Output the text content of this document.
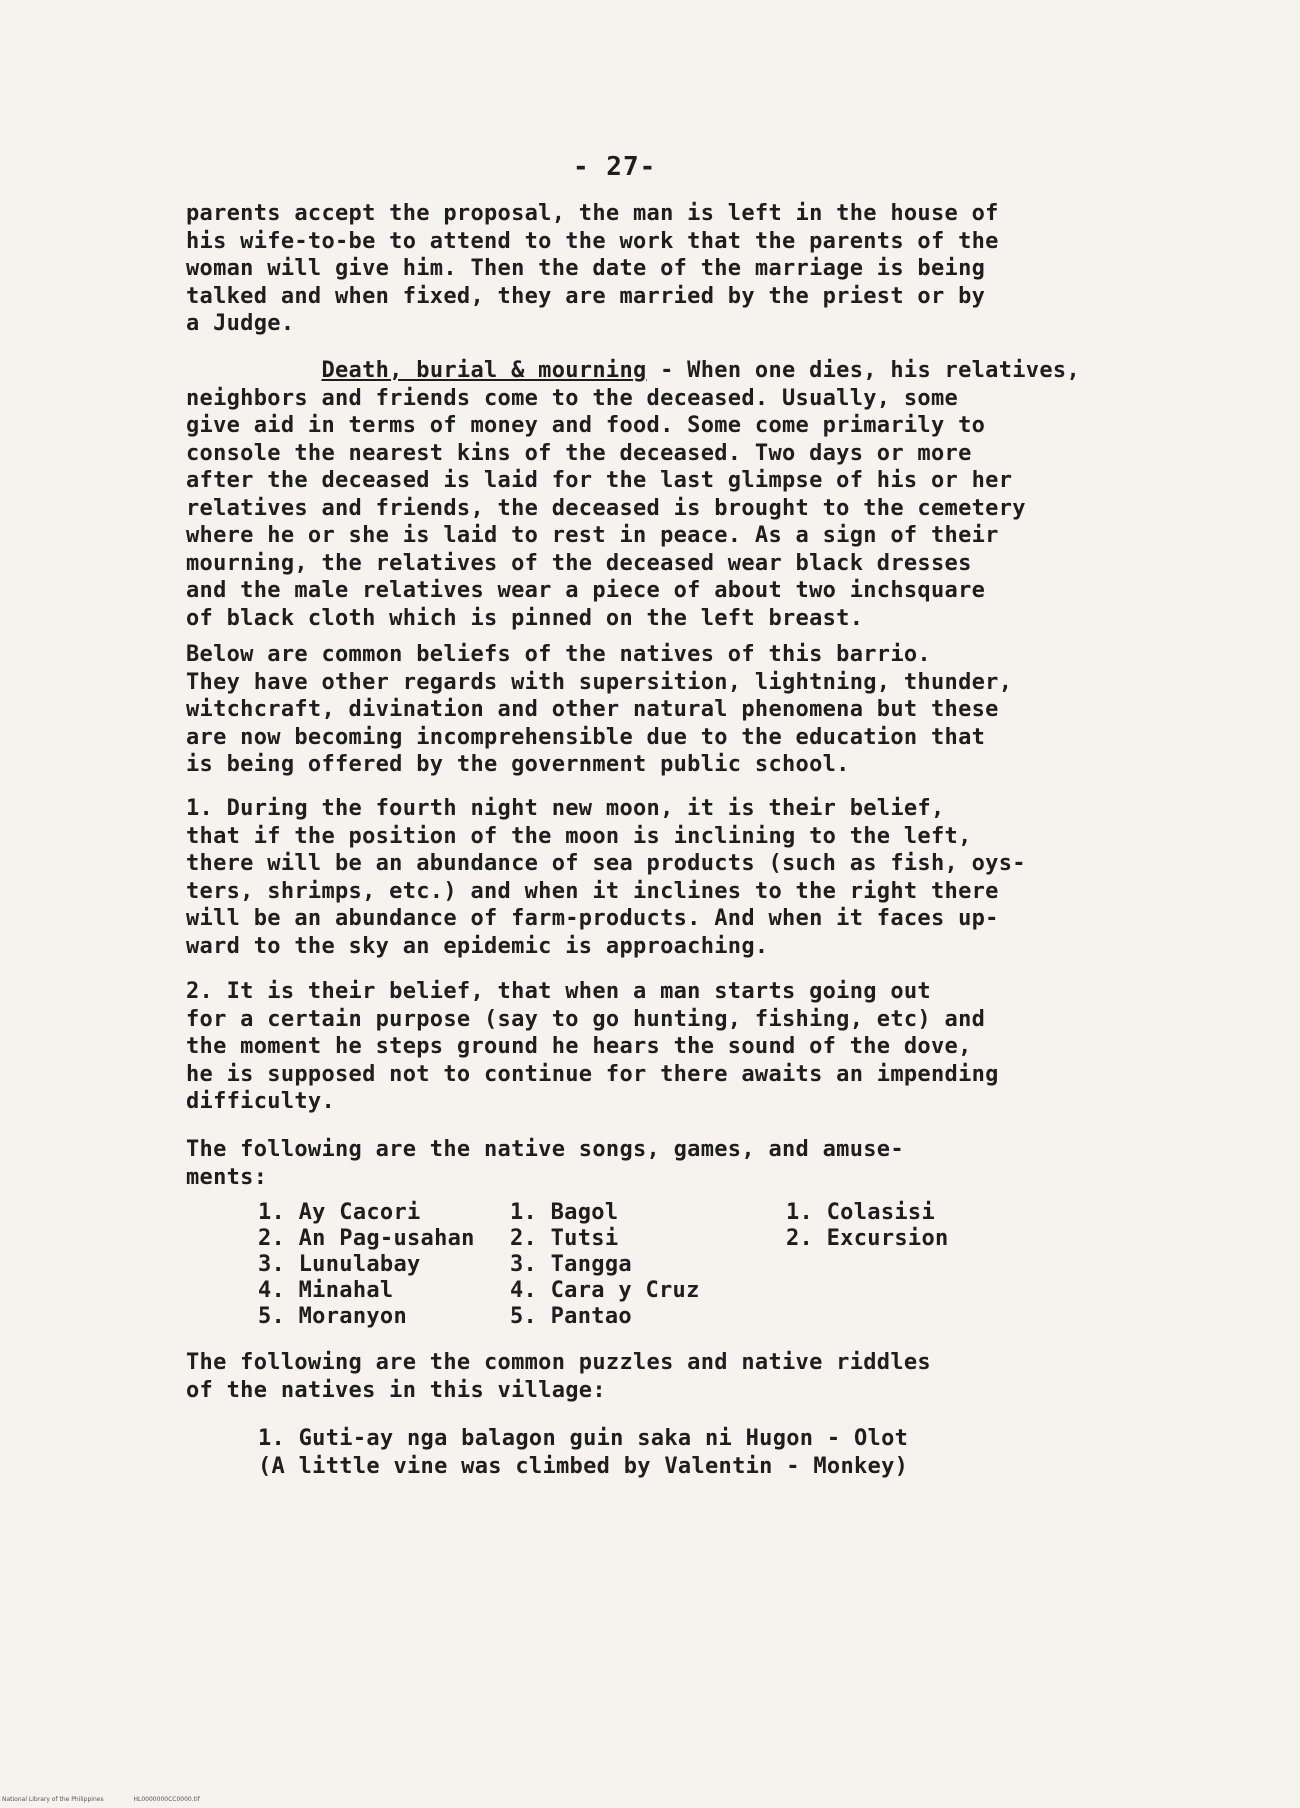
- 27-

parents accept the proposal, the man is left in the house of
his wife-to-be to attend to the work that the parents of the
woman will give him. Then the date of the marriage is being
talked and when fixed, they are married by the priest or by
a Judge.

Death, burial & mourning - When one dies, his relatives,
neighbors and friends come to the deceased. Usually, some
give aid in terms of money and food. Some come primarily to
console the nearest kins of the deceased. Two days or more
after the deceased is laid for the last glimpse of his or her
relatives and friends, the deceased is brought to the cemetery
where he or she is laid to rest in peace. As a sign of their
mourning, the relatives of the deceased wear black dresses
and the male relatives wear a piece of about two inchsquare
of black cloth which is pinned on the left breast.

Below are common beliefs of the natives of this barrio.
They have other regards with supersition, lightning, thunder,
witchcraft, divination and other natural phenomena but these
are now becoming incomprehensible due to the education that
is being offered by the government public school.

1. During the fourth night new moon, it is their belief,
that if the position of the moon is inclining to the left,
there will be an abundance of sea products (such as fish, oys-
ters, shrimps, etc.) and when it inclines to the right there
will be an abundance of farm-products. And when it faces up-
ward to the sky an epidemic is approaching.

2. It is their belief, that when a man starts going out
for a certain purpose (say to go hunting, fishing, etc) and
the moment he steps ground he hears the sound of the dove,
he is supposed not to continue for there awaits an impending
difficulty.

The following are the native songs, games, and amuse-
ments:

1. Ay Cacori
2. An Pag-usahan
3. Lunulabay
4. Minahal
5. Moranyon
1. Bagol
2. Tutsi
3. Tangga
4. Cara y Cruz
5. Pantao
1. Colasisi
2. Excursion

The following are the common puzzles and native riddles
of the natives in this village:

1. Guti-ay nga balagon guin saka ni Hugon - Olot
(A little vine was climbed by Valentin - Monkey)

National Library of the Philippines	HL0000000CC0000.tif
